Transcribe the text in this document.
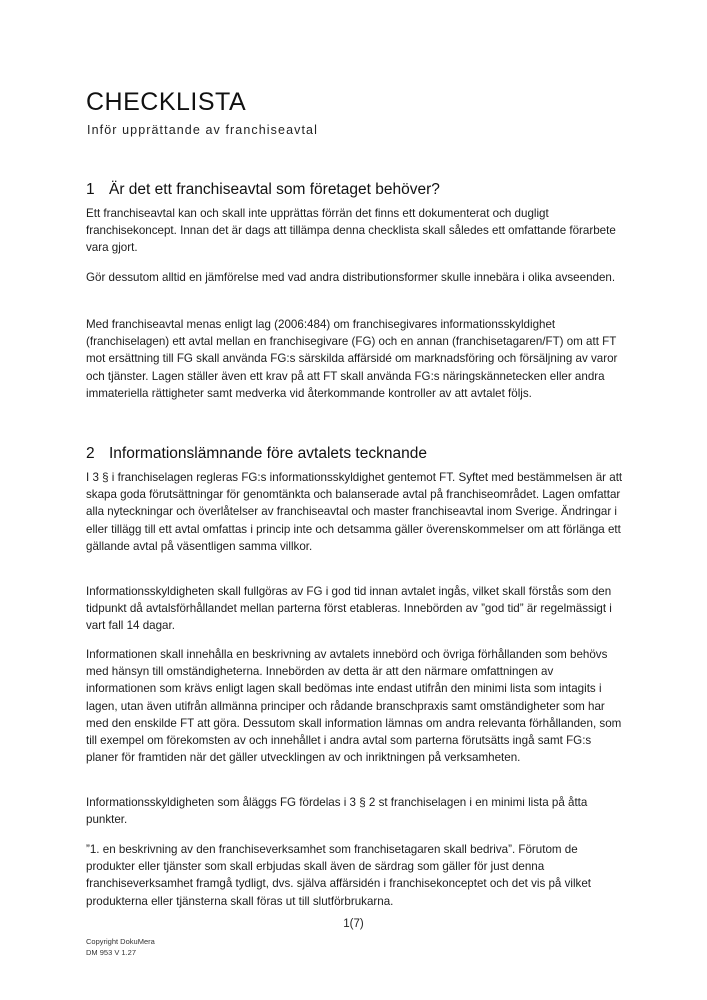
CHECKLISTA

Inför upprättande av franchiseavtal

1 Är det ett franchiseavtal som företaget behöver?

Ett franchiseavtal kan och skall inte upprättas förrän det finns ett dokumenterat och dugligt franchisekoncept. Innan det är dags att tillämpa denna checklista skall således ett omfattande förarbete vara gjort.

Gör dessutom alltid en jämförelse med vad andra distributionsformer skulle innebära i olika avseenden.

Med franchiseavtal menas enligt lag (2006:484) om franchisegivares informationsskyldighet (franchiselagen) ett avtal mellan en franchisegivare (FG) och en annan (franchisetagaren/FT) om att FT mot ersättning till FG skall använda FG:s särskilda affärsidé om marknadsföring och försäljning av varor och tjänster. Lagen ställer även ett krav på att FT skall använda FG:s näringskännetecken eller andra immateriella rättigheter samt medverka vid återkommande kontroller av att avtalet följs.

2 Informationslämnande före avtalets tecknande

I 3 § i franchiselagen regleras FG:s informationsskyldighet gentemot FT. Syftet med bestämmelsen är att skapa goda förutsättningar för genomtänkta och balanserade avtal på franchiseområdet. Lagen omfattar alla nyteckningar och överlåtelser av franchiseavtal och master franchiseavtal inom Sverige. Ändringar i eller tillägg till ett avtal omfattas i princip inte och detsamma gäller överenskommelser om att förlänga ett gällande avtal på väsentligen samma villkor.

Informationsskyldigheten skall fullgöras av FG i god tid innan avtalet ingås, vilket skall förstås som den tidpunkt då avtalsförhållandet mellan parterna först etableras. Innebörden av ”god tid” är regelmässigt i vart fall 14 dagar.

Informationen skall innehålla en beskrivning av avtalets innebörd och övriga förhållanden som behövs med hänsyn till omständigheterna. Innebörden av detta är att den närmare omfattningen av informationen som krävs enligt lagen skall bedömas inte endast utifrån den minimi lista som intagits i lagen, utan även utifrån allmänna principer och rådande branschpraxis samt omständigheter som har med den enskilde FT att göra. Dessutom skall information lämnas om andra relevanta förhållanden, som till exempel om förekomsten av och innehållet i andra avtal som parterna förutsätts ingå samt FG:s planer för framtiden när det gäller utvecklingen av och inriktningen på verksamheten.

Informationsskyldigheten som åläggs FG fördelas i 3 § 2 st franchiselagen i en minimi lista på åtta punkter.

”1. en beskrivning av den franchiseverksamhet som franchisetagaren skall bedriva”. Förutom de produkter eller tjänster som skall erbjudas skall även de särdrag som gäller för just denna franchiseverksamhet framgå tydligt, dvs. själva affärsidén i franchisekonceptet och det vis på vilket produkterna eller tjänsterna skall föras ut till slutförbrukarna.

1(7)

Copyright DokuMera

DM 953 V 1.27
